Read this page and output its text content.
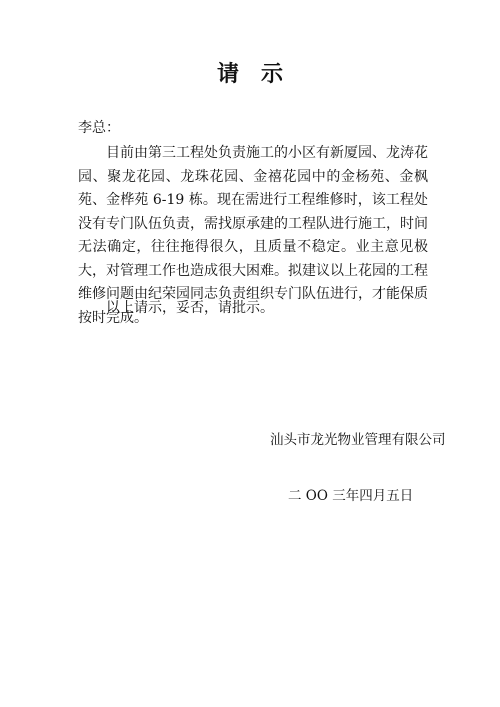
请示
李总：

目前由第三工程处负责施工的小区有新厦园、龙涛花园、聚龙花园、龙珠花园、金禧花园中的金杨苑、金枫苑、金桦苑 6-19 栋。现在需进行工程维修时，该工程处没有专门队伍负责，需找原承建的工程队进行施工，时间无法确定，往往拖得很久，且质量不稳定。业主意见极大，对管理工作也造成很大困难。拟建议以上花园的工程维修问题由纪荣园同志负责组织专门队伍进行，才能保质按时完成。

以上请示，妥否，请批示。
汕头市龙光物业管理有限公司
二 OO 三年四月五日
